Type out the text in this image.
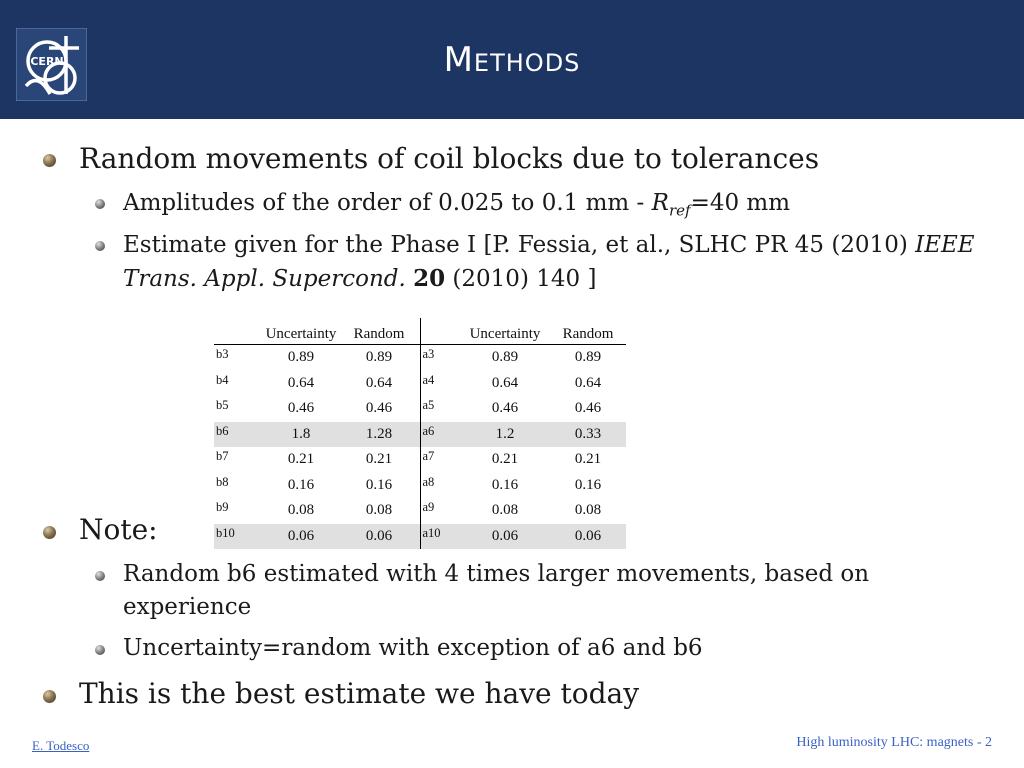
CERN	Methods
Random movements of coil blocks due to tolerances
Amplitudes of the order of 0.025 to 0.1 mm - $R_{ref}=40$ mm
Estimate given for the Phase I [P. Fessia, et al., SLHC PR 45 (2010) IEEE Trans. Appl. Supercond. 20 (2010) 140 ]
	Uncertainty	Random			Uncertainty	Random
b3	0.89	0.89		a3	0.89	0.89
b4	0.64	0.64		a4	0.64	0.64
b5	0.46	0.46		a5	0.46	0.46
b6	1.8	1.28		a6	1.2	0.33
b7	0.21	0.21		a7	0.21	0.21
b8	0.16	0.16		a8	0.16	0.16
b9	0.08	0.08		a9	0.08	0.08
b10	0.06	0.06		a10	0.06	0.06
Note:
Random b6 estimated with 4 times larger movements, based on experience
Uncertainty=random with exception of a6 and b6
This is the best estimate we have today
E. Todesco	High luminosity LHC: magnets - 2
